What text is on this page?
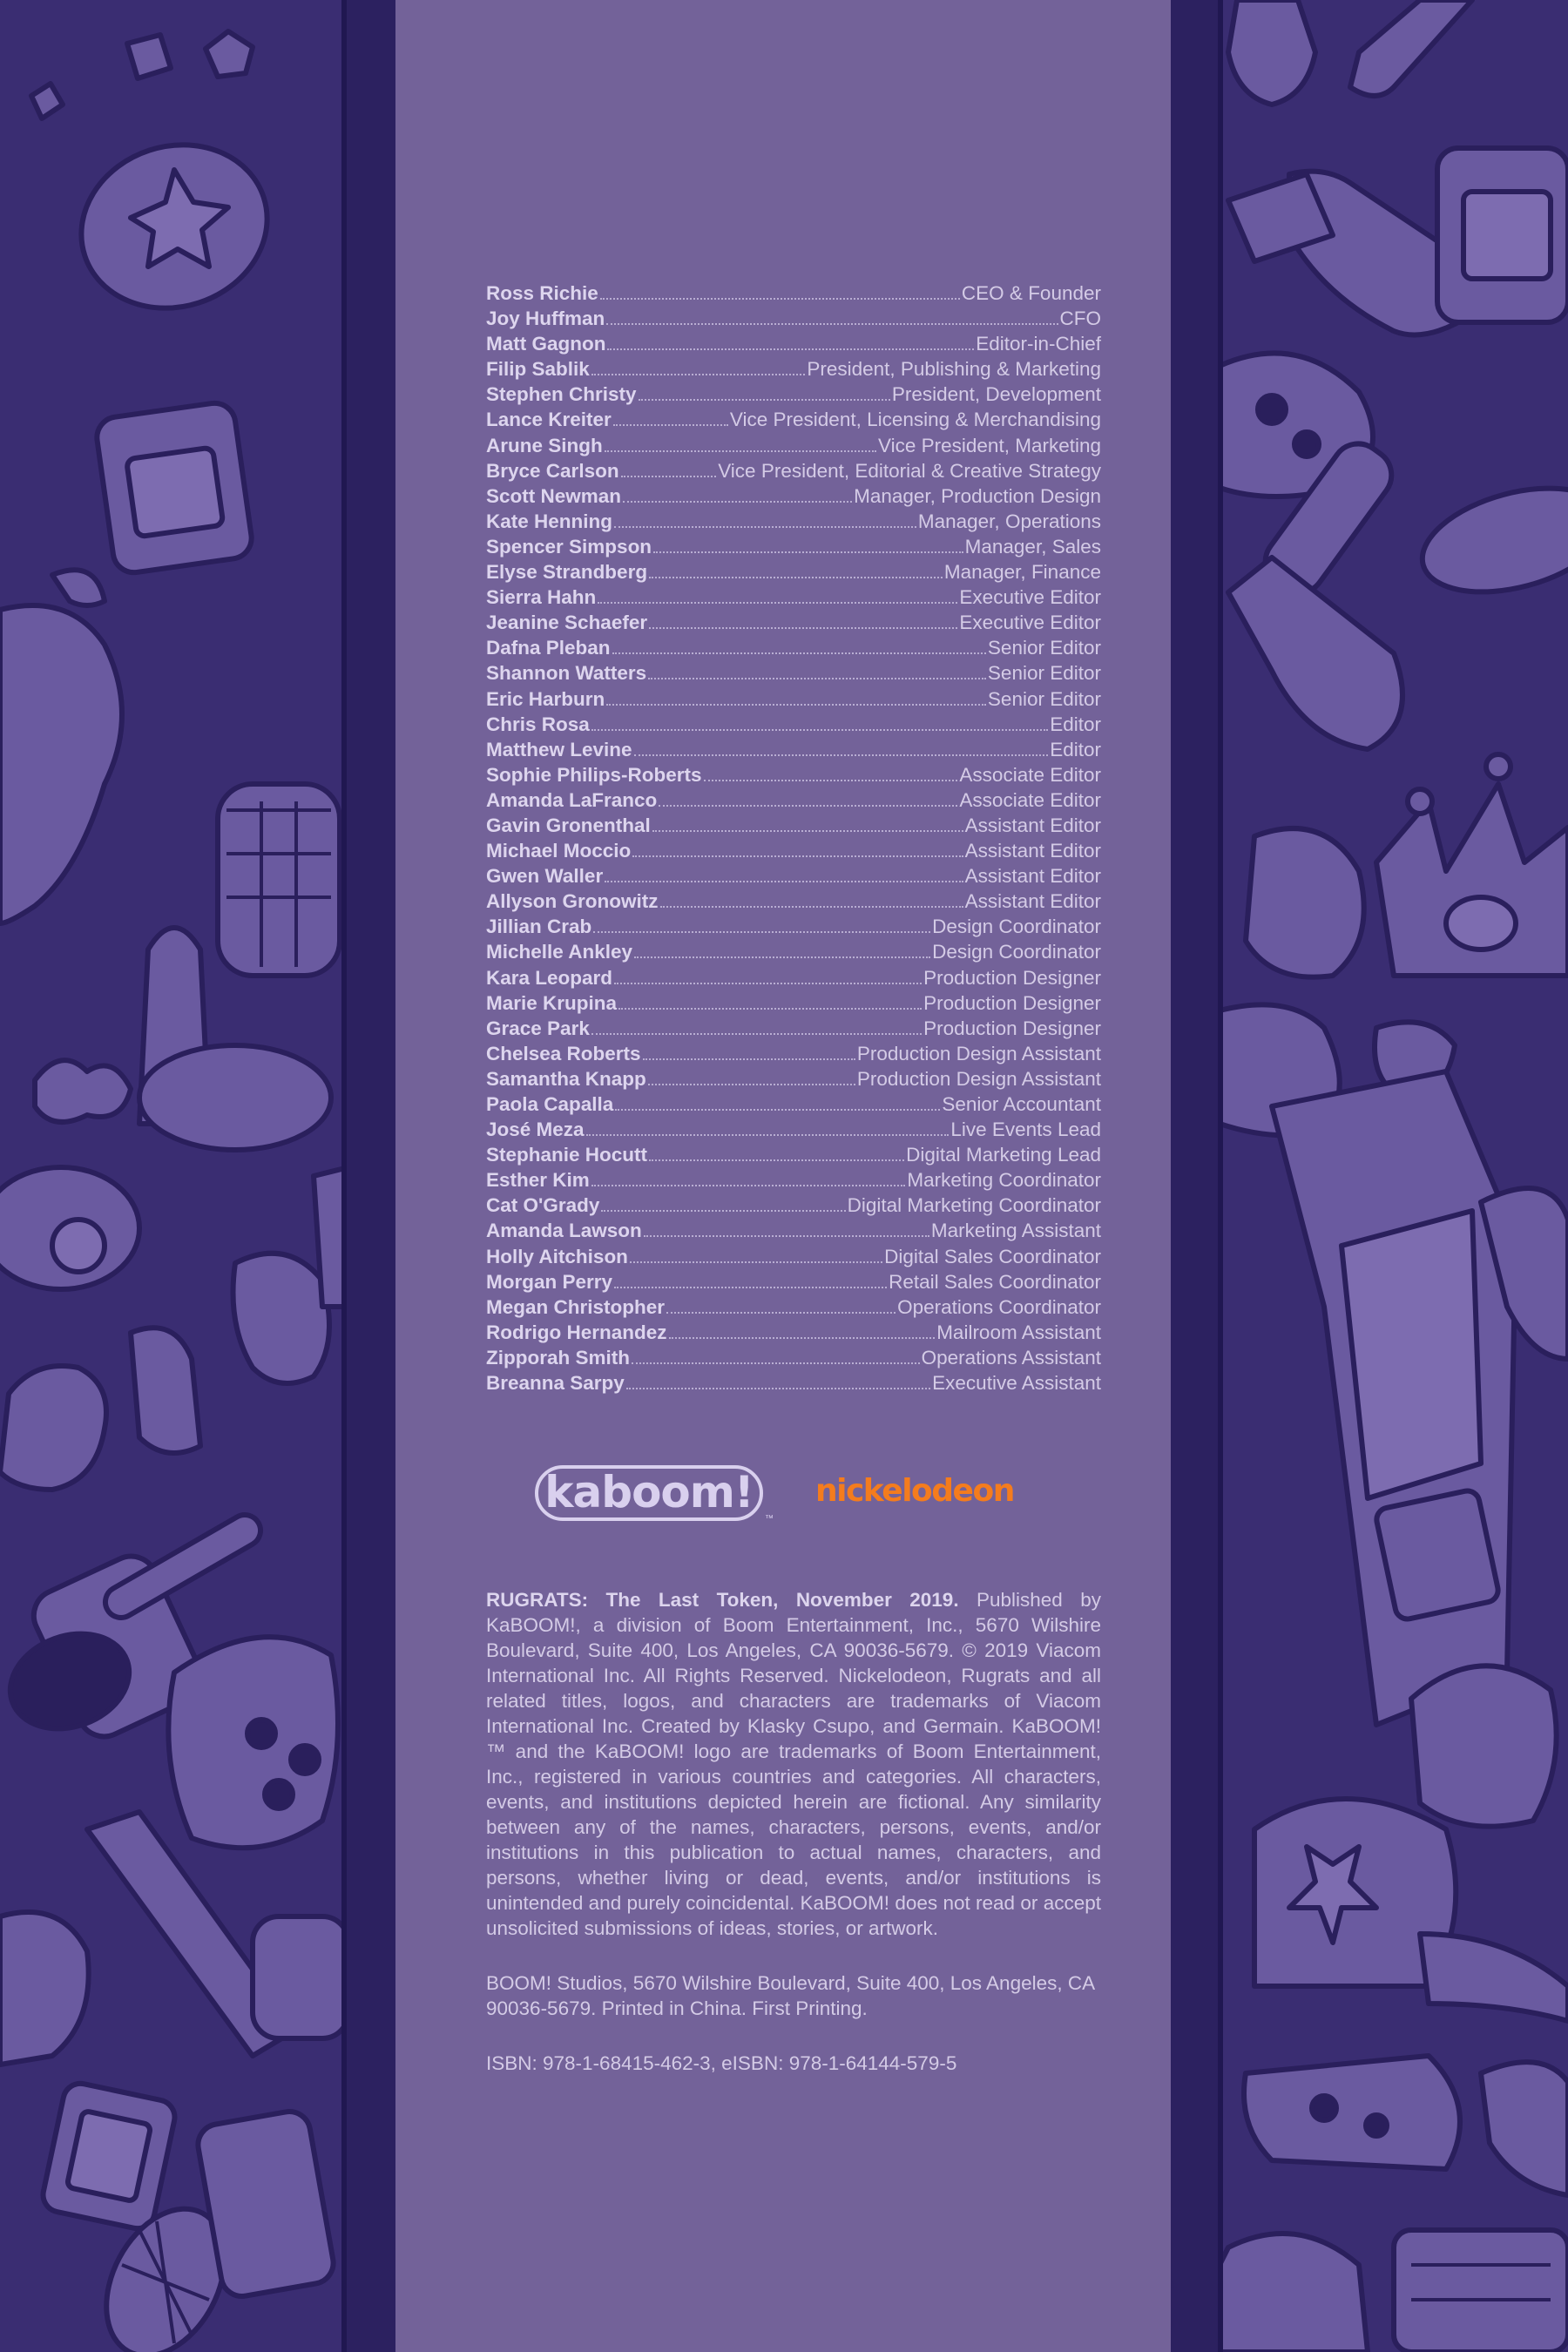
Ross Richie	CEO & Founder
Joy Huffman	CFO
Matt Gagnon	Editor-in-Chief
Filip Sablik	President, Publishing & Marketing
Stephen Christy	President, Development
Lance Kreiter	Vice President, Licensing & Merchandising
Arune Singh	Vice President, Marketing
Bryce Carlson	Vice President, Editorial & Creative Strategy
Scott Newman	Manager, Production Design
Kate Henning	Manager, Operations
Spencer Simpson	Manager, Sales
Elyse Strandberg	Manager, Finance
Sierra Hahn	Executive Editor
Jeanine Schaefer	Executive Editor
Dafna Pleban	Senior Editor
Shannon Watters	Senior Editor
Eric Harburn	Senior Editor
Chris Rosa	Editor
Matthew Levine	Editor
Sophie Philips-Roberts	Associate Editor
Amanda LaFranco	Associate Editor
Gavin Gronenthal	Assistant Editor
Michael Moccio	Assistant Editor
Gwen Waller	Assistant Editor
Allyson Gronowitz	Assistant Editor
Jillian Crab	Design Coordinator
Michelle Ankley	Design Coordinator
Kara Leopard	Production Designer
Marie Krupina	Production Designer
Grace Park	Production Designer
Chelsea Roberts	Production Design Assistant
Samantha Knapp	Production Design Assistant
Paola Capalla	Senior Accountant
José Meza	Live Events Lead
Stephanie Hocutt	Digital Marketing Lead
Esther Kim	Marketing Coordinator
Cat O'Grady	Digital Marketing Coordinator
Amanda Lawson	Marketing Assistant
Holly Aitchison	Digital Sales Coordinator
Morgan Perry	Retail Sales Coordinator
Megan Christopher	Operations Coordinator
Rodrigo Hernandez	Mailroom Assistant
Zipporah Smith	Operations Assistant
Breanna Sarpy	Executive Assistant
kaboom!
™
nickelodeon
RUGRATS: The Last Token, November 2019. Published by KaBOOM!, a division of Boom Entertainment, Inc., 5670 Wilshire Boulevard, Suite 400, Los Angeles, CA 90036-5679. © 2019 Viacom International Inc. All Rights Reserved. Nickelodeon, Rugrats and all related titles, logos, and characters are trademarks of Viacom International Inc. Created by Klasky Csupo, and Germain. KaBOOM!™ and the KaBOOM! logo are trademarks of Boom Entertainment, Inc., registered in various countries and categories. All characters, events, and institutions depicted herein are fictional. Any similarity between any of the names, characters, persons, events, and/or institutions in this publication to actual names, characters, and persons, whether living or dead, events, and/or institutions is unintended and purely coincidental. KaBOOM! does not read or accept unsolicited submissions of ideas, stories, or artwork.
BOOM! Studios, 5670 Wilshire Boulevard, Suite 400, Los Angeles, CA 90036-5679. Printed in China. First Printing.
ISBN: 978-1-68415-462-3, eISBN: 978-1-64144-579-5
